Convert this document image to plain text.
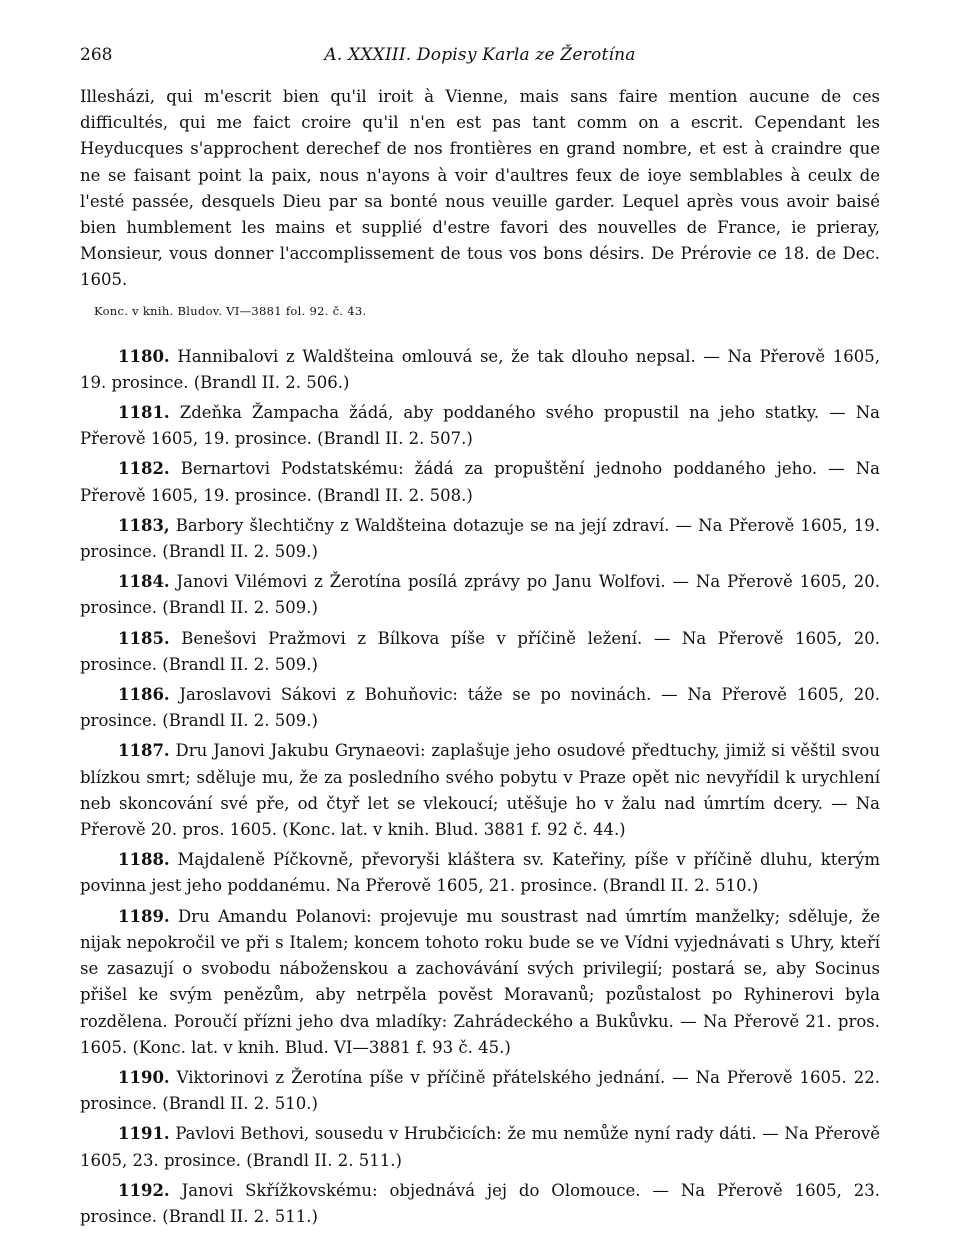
268	A. XXXIII. Dopisy Karla ze Žerotína

Illesházi, qui m'escrit bien qu'il iroit à Vienne, mais sans faire mention aucune de ces difficultés, qui me faict croire qu'il n'en est pas tant comm on a escrit. Cependant les Heyducques s'approchent derechef de nos frontières en grand nombre, et est à craindre que ne se faisant point la paix, nous n'ayons à voir d'aultres feux de ioye semblables à ceulx de l'esté passée, desquels Dieu par sa bonté nous veuille garder. Lequel après vous avoir baisé bien humblement les mains et supplié d'estre favori des nouvelles de France, ie prieray, Monsieur, vous donner l'accomplissement de tous vos bons désirs. De Prérovie ce 18. de Dec. 1605.

Konc. v knih. Bludov. VI—3881 fol. 92. č. 43.

1180. Hannibalovi z Waldšteina omlouvá se, že tak dlouho nepsal. — Na Přerově 1605, 19. prosince. (Brandl II. 2. 506.)

1181. Zdeňka Žampacha žádá, aby poddaného svého propustil na jeho statky. — Na Přerově 1605, 19. prosince. (Brandl II. 2. 507.)

1182. Bernartovi Podstatskému: žádá za propuštění jednoho poddaného jeho. — Na Přerově 1605, 19. prosince. (Brandl II. 2. 508.)

1183, Barbory šlechtičny z Waldšteina dotazuje se na její zdraví. — Na Přerově 1605, 19. prosince. (Brandl II. 2. 509.)

1184. Janovi Vilémovi z Žerotína posílá zprávy po Janu Wolfovi. — Na Přerově 1605, 20. prosince. (Brandl II. 2. 509.)

1185. Benešovi Pražmovi z Bílkova píše v příčině ležení. — Na Přerově 1605, 20. prosince. (Brandl II. 2. 509.)

1186. Jaroslavovi Sákovi z Bohuňovic: táže se po novinách. — Na Přerově 1605, 20. prosince. (Brandl II. 2. 509.)

1187. Dru Janovi Jakubu Grynaeovi: zaplašuje jeho osudové předtuchy, jimiž si věštil svou blízkou smrt; sděluje mu, že za posledního svého pobytu v Praze opět nic nevyřídil k urychlení neb skoncování své pře, od čtyř let se vlekoucí; utěšuje ho v žalu nad úmrtím dcery. — Na Přerově 20. pros. 1605. (Konc. lat. v knih. Blud. 3881 f. 92 č. 44.)

1188. Majdaleně Píčkovně, převoryši kláštera sv. Kateřiny, píše v příčině dluhu, kterým povinna jest jeho poddanému. Na Přerově 1605, 21. prosince. (Brandl II. 2. 510.)

1189. Dru Amandu Polanovi: projevuje mu soustrast nad úmrtím manželky; sděluje, že nijak nepokročil ve při s Italem; koncem tohoto roku bude se ve Vídni vyjednávati s Uhry, kteří se zasazují o svobodu náboženskou a zachovávání svých privilegií; postará se, aby Socinus přišel ke svým penězům, aby netrpěla pověst Moravanů; pozůstalost po Ryhinerovi byla rozdělena. Poroučí přízni jeho dva mladíky: Zahrádeckého a Bukůvku. — Na Přerově 21. pros. 1605. (Konc. lat. v knih. Blud. VI—3881 f. 93 č. 45.)

1190. Viktorinovi z Žerotína píše v příčině přátelského jednání. — Na Přerově 1605. 22. prosince. (Brandl II. 2. 510.)

1191. Pavlovi Bethovi, sousedu v Hrubčicích: že mu nemůže nyní rady dáti. — Na Přerově 1605, 23. prosince. (Brandl II. 2. 511.)

1192. Janovi Skřížkovskému: objednává jej do Olomouce. — Na Přerově 1605, 23. prosince. (Brandl II. 2. 511.)
